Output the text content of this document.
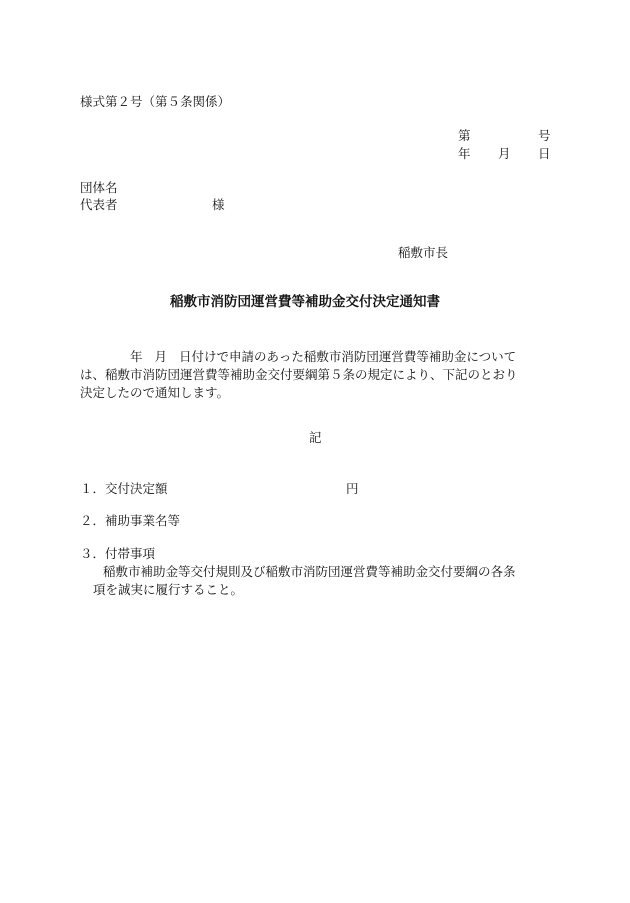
様式第２号（第５条関係）
第	号
年 月 日
団体名
代表者	様
稲敷市長
稲敷市消防団運営費等補助金交付決定通知書
年 月 日付けで申請のあった稲敷市消防団運営費等補助金について
は、稲敷市消防団運営費等補助金交付要綱第５条の規定により、下記のとおり
決定したので通知します。
記
１．交付決定額	円
２．補助事業名等
３．付帯事項
稲敷市補助金等交付規則及び稲敷市消防団運営費等補助金交付要綱の各条
項を誠実に履行すること。
